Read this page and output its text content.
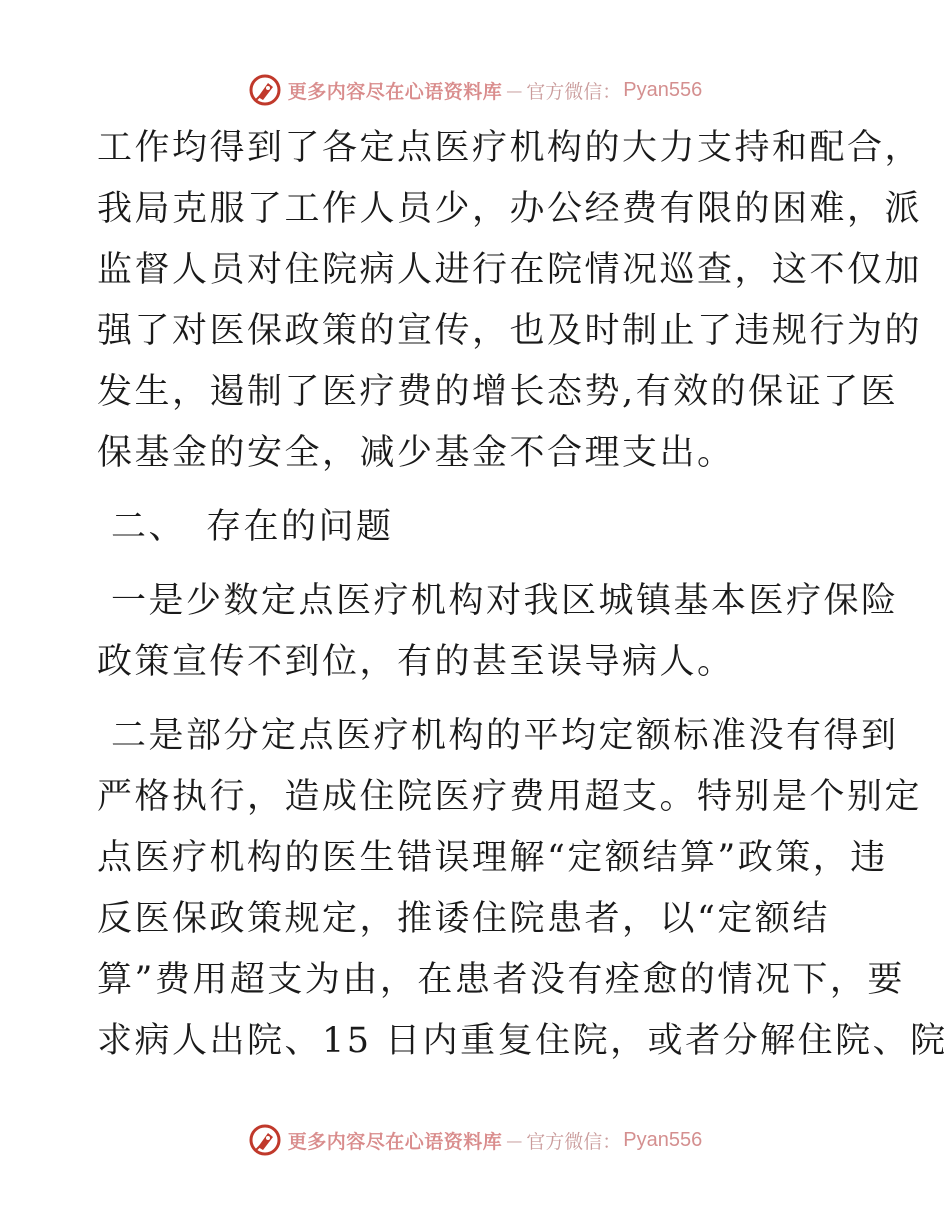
更多内容尽在心语资料库 — 官方微信： Pyan556
工作均得到了各定点医疗机构的大力支持和配合，
我局克服了工作人员少，办公经费有限的困难，派
监督人员对住院病人进行在院情况巡查，这不仅加
强了对医保政策的宣传，也及时制止了违规行为的
发生，遏制了医疗费的增长态势,有效的保证了医
保基金的安全，减少基金不合理支出。
二、 存在的问题
一是少数定点医疗机构对我区城镇基本医疗保险
政策宣传不到位，有的甚至误导病人。
二是部分定点医疗机构的平均定额标准没有得到
严格执行，造成住院医疗费用超支。特别是个别定
点医疗机构的医生错误理解“定额结算”政策，违
反医保政策规定，推诿住院患者，以“定额结
算”费用超支为由，在患者没有痊愈的情况下，要
求病人出院、15 日内重复住院，或者分解住院、院
更多内容尽在心语资料库 — 官方微信： Pyan556
